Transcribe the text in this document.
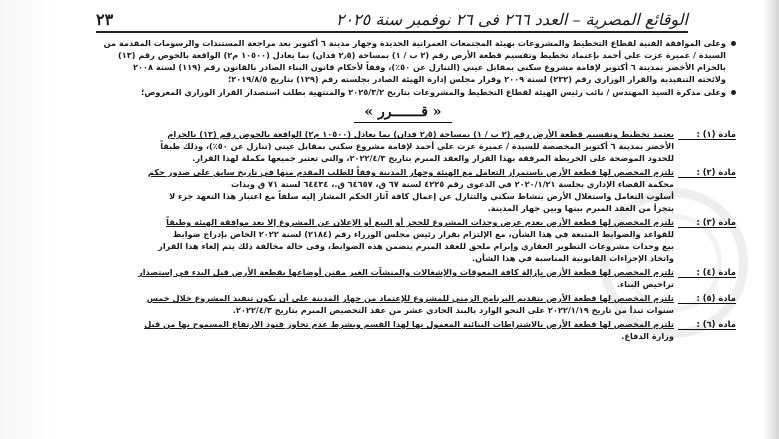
الوقائع المصرية – العدد ٢٦٦ فى ٢٦ نوفمبر سنة ٢٠٢٥
٢٣
وعلى الموافقة الفنية لقطاع التخطيط والمشروعات بهيئة المجتمعات العمرانية الجديدة وجهاز مدينة ٦ أكتوبر بعد مراجعة المستندات والرسومات المقدمة من
السيدة / عميرة عزت علي أحمد بإعتماد تخطيط وتقسيم قطعة الأرض رقم (٢ ب / ١) بمساحة (٢٫٥ فدان) بما يعادل (١٠٥٠٠ م٢) الواقعة بالحوض رقم (١٣)
بالحزام الأخضر بمدينة ٦ أكتوبر لإقامة مشروع سكني بمقابل عيني (التنازل عن ٥٠٪)، وفقاً لأحكام قانون البناء الصادر بالقانون رقم (١١٩) لسنة ٢٠٠٨
ولائحته التنفيذية والقرار الوزاري رقم (٢٣٢) لسنة ٢٠٠٩ وقرار مجلس إدارة الهيئة الصادر بجلسته رقم (١٢٩) بتاريخ ٢٠١٩/٨/٥؛
وعلى مذكرة السيد المهندس / نائب رئيس الهيئة لقطاع التخطيط والمشروعات بتاريخ ٢٠٢٥/٣/٢ والمنتهية بطلب استصدار القرار الوزاري المعروض؛
« قـــــــرر »
مادة (١) :
يعتمد تخطيط وتقسيم قطعة الأرض رقم (٢ ب / ١) بمساحة (٢٫٥ فدان) بما يعادل (١٠٥٠٠ م٢) الواقعة بالحوض رقم (١٣) بالحزام
الأخضر بمدينة ٦ أكتوبر المخصصة للسيدة / عميرة عزت علي أحمد لإقامة مشروع سكني بمقابل عيني (تنازل عن ٥٠٪)، وذلك طبقاً
للحدود الموضحة على الخريطة المرفقة بهذا القرار والعقد المبرم بتاريخ ٢٠٢٢/٤/٣، والتي تعتبر جميعها مكملة لهذا القرار.
مادة (٢) :
تلتزم المخصص لها قطعة الأرض باستمرار التعامل مع الهيئة وجهاز المدينة وفقاً للطلب المقدم منها في تاريخ سابق على صدور حكم
محكمة القضاء الإداري بجلسة ٢٠٢٠/١/٢١ في الدعوى رقم ٤٢٢٥ لسنة ٦٧ ق، ٦٤٦٥٧ ق.، ٦٤٤٣٤ لسنة ٧١ ق وبذات
أسلوب التعامل واستغلال الأرض بنشاط سكني والتنازل عن إعمال كافة آثار الحكم المشار إليه سلفاً مع اعتبار هذا التعهد جزء لا
يتجزأ من العقد المبرم بينها وبين جهاز المدينة.
مادة (٣) :
تلتزم المخصص لها قطعة الأرض بعدم عرض وحدات المشروع للحجز أو البيع أو الإعلان عن المشروع إلا بعد موافقة الهيئة وطبقاً
للقواعد والضوابط المتبعة في هذا الشأن، مع الإلتزام بقرار رئيس مجلس الوزراء رقم (٢١٨٤) لسنة ٢٠٢٢ الخاص بإدراج ضوابط
بيع وحدات مشروعات التطوير العقاري وإبرام ملحق للعقد المبرم يتضمن هذه الضوابط، وفى حالة مخالفة ذلك يتم إلغاء هذا القرار
واتخاذ الإجراءات القانونية المناسبة في هذا الشأن.
مادة (٤) :
تلتزم المخصص لها قطعة الأرض بإزالة كافة المعوقات والإشغالات والمنشآت الغير مقنن أوضاعها بقطعة الأرض قبل البدء في إستصدار
تراخيص البناء.
مادة (٥) :
تلتزم المخصص لها قطعة الأرض بتقديم البرنامج الزمني للمشروع للإعتماد من جهاز المدينة على أن يكون تنفيذ المشروع خلال خمس
سنوات تبدأ من تاريخ ٢٠٢٢/١/١٩ على النحو الوارد بالبند الحادي عشر من عقد التخصيص المبرم بتاريخ ٢٠٢٢/٤/٣.
مادة (٦) :
تلتزم المخصص لها قطعة الأرض بالاشتراطات البنائية المعمول بها لهذا القسم وبشرط عدم تجاوز قيود الارتفاع المسموح بها من قبل
وزارة الدفاع.
